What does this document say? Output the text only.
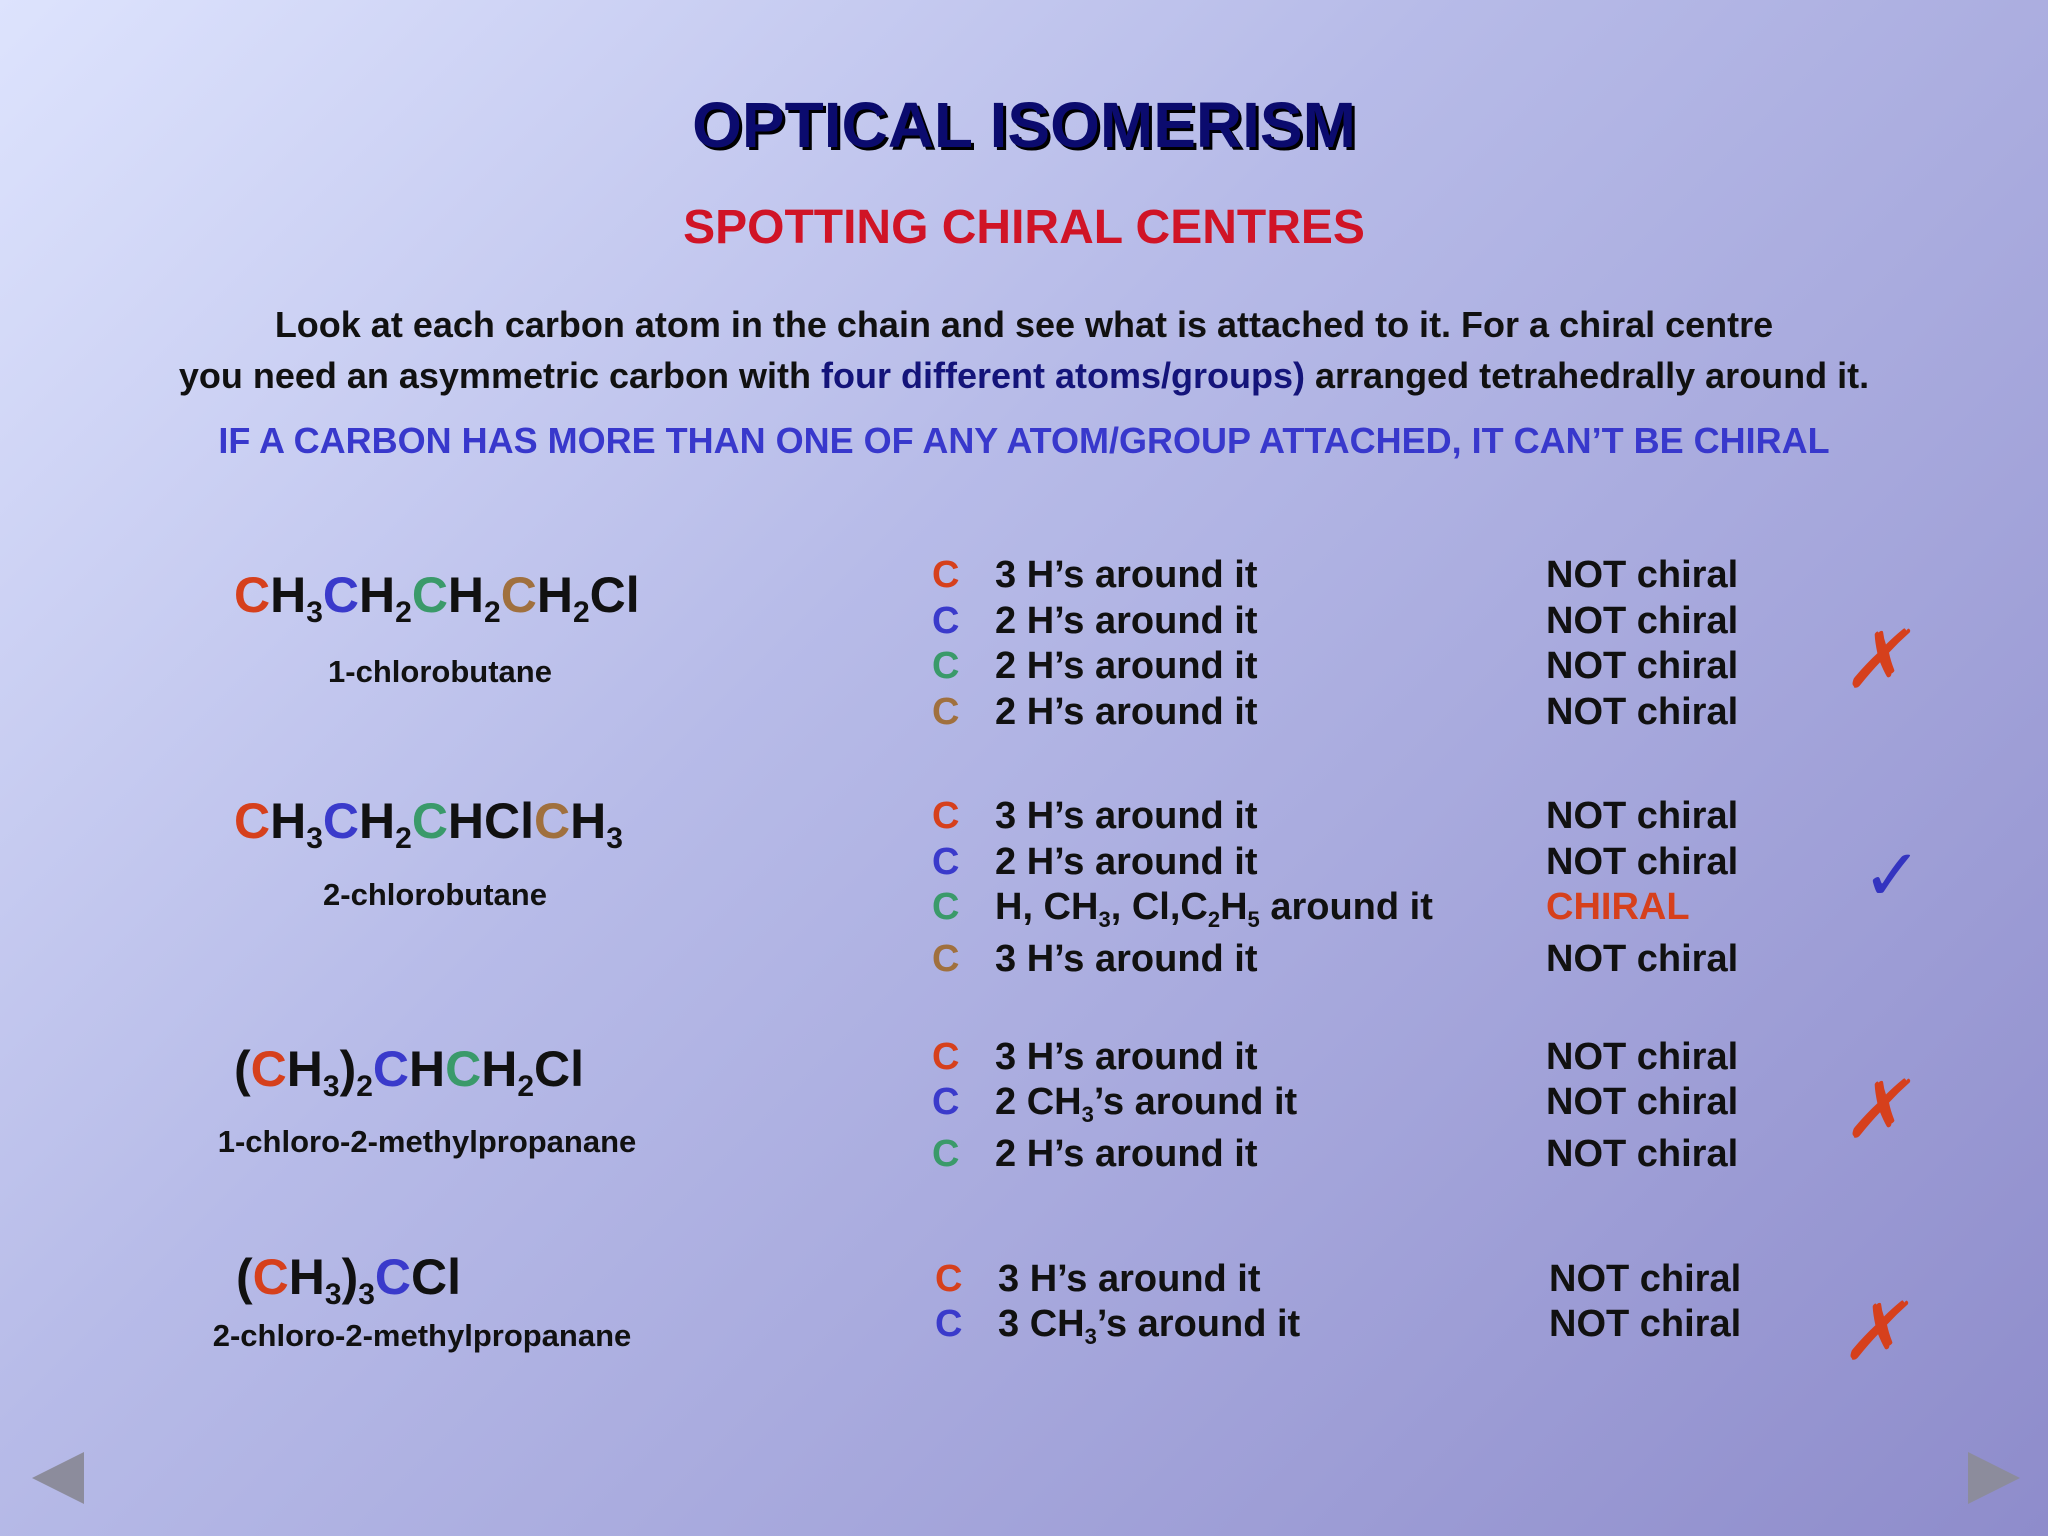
OPTICAL ISOMERISM
SPOTTING CHIRAL CENTRES
Look at each carbon atom in the chain and see what is attached to it. For a chiral centre
you need an asymmetric carbon with four different atoms/groups) arranged tetrahedrally around it.
IF A CARBON HAS MORE THAN ONE OF ANY ATOM/GROUP ATTACHED, IT CAN’T BE CHIRAL
$CH_3CH_2CH_2CH_2Cl$
1-chlorobutane
C 3 H’s around it	NOT chiral
C 2 H’s around it	NOT chiral
C 2 H’s around it	NOT chiral
C 2 H’s around it	NOT chiral
✗
$CH_3CH_2CHClCH_3$
2-chlorobutane
C 3 H’s around it	NOT chiral
C 2 H’s around it	NOT chiral
C H, $CH_3$, $Cl,C_2H_5$ around it	CHIRAL
C 3 H’s around it	NOT chiral
✓
$(CH_3)_2CHCH_2Cl$
1-chloro-2-methylpropanane
C 3 H’s around it	NOT chiral
C 2 $CH_3’s$ around it	NOT chiral
C 2 H’s around it	NOT chiral ✗
$(CH_3)_3CCl$
2-chloro-2-methylpropanane
C 3 H’s around it	NOT chiral
C 3 $CH_3’s$ around it	NOT chiral ✗
